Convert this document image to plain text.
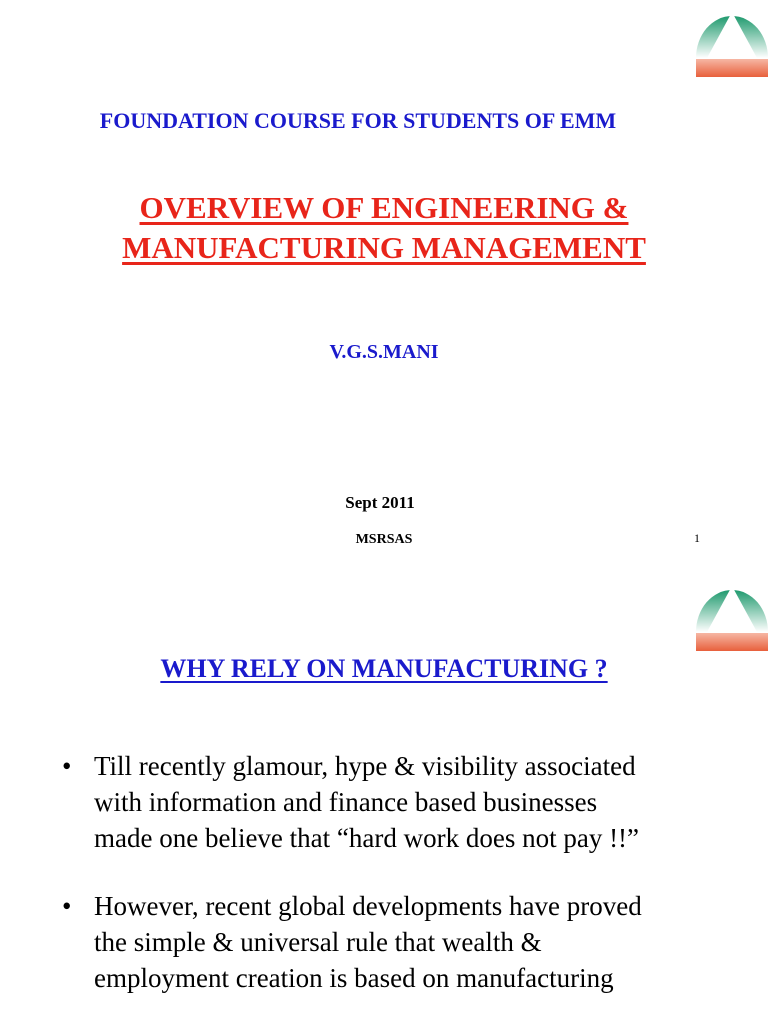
FOUNDATION COURSE FOR STUDENTS OF EMM
OVERVIEW OF ENGINEERING &
MANUFACTURING MANAGEMENT
V.G.S.MANI
Sept 2011
MSRSAS	1
WHY RELY ON MANUFACTURING ?
• Till recently glamour, hype & visibility associated
with information and finance based businesses
made one believe that “hard work does not pay !!”
• However, recent global developments have proved
the simple & universal rule that wealth &
employment creation is based on manufacturing
